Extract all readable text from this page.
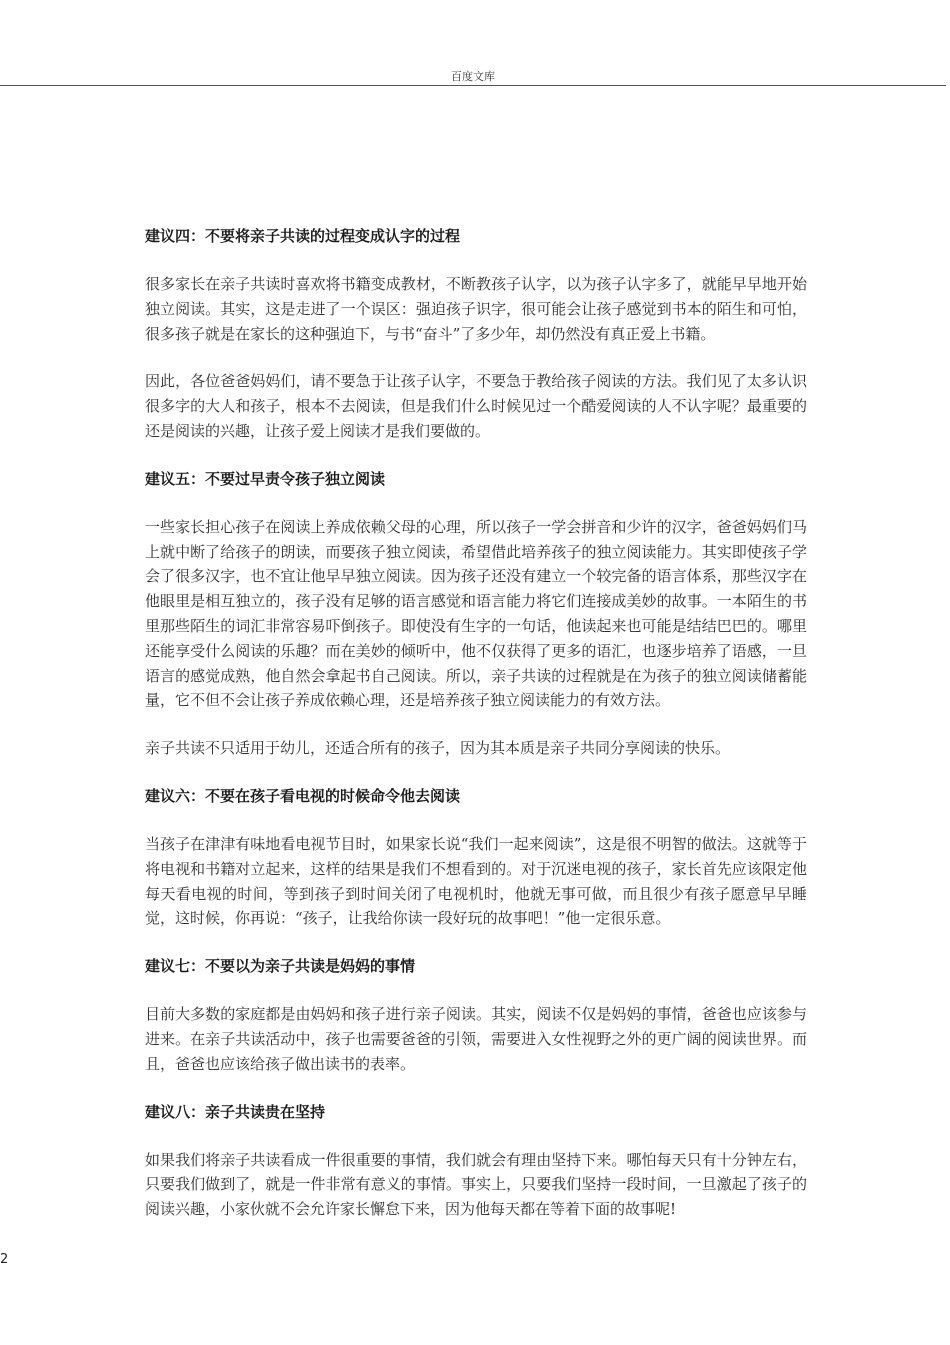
百度文库
建议四：不要将亲子共读的过程变成认字的过程
很多家长在亲子共读时喜欢将书籍变成教材，不断教孩子认字，以为孩子认字多了，就能早早地开始独立阅读。其实，这是走进了一个误区：强迫孩子识字，很可能会让孩子感觉到书本的陌生和可怕，很多孩子就是在家长的这种强迫下，与书“奋斗”了多少年，却仍然没有真正爱上书籍。
因此，各位爸爸妈妈们，请不要急于让孩子认字，不要急于教给孩子阅读的方法。我们见了太多认识很多字的大人和孩子，根本不去阅读，但是我们什么时候见过一个酷爱阅读的人不认字呢？最重要的还是阅读的兴趣，让孩子爱上阅读才是我们要做的。
建议五：不要过早责令孩子独立阅读
一些家长担心孩子在阅读上养成依赖父母的心理，所以孩子一学会拼音和少许的汉字，爸爸妈妈们马上就中断了给孩子的朗读，而要孩子独立阅读，希望借此培养孩子的独立阅读能力。其实即使孩子学会了很多汉字，也不宜让他早早独立阅读。因为孩子还没有建立一个较完备的语言体系，那些汉字在他眼里是相互独立的，孩子没有足够的语言感觉和语言能力将它们连接成美妙的故事。一本陌生的书里那些陌生的词汇非常容易吓倒孩子。即使没有生字的一句话，他读起来也可能是结结巴巴的。哪里还能享受什么阅读的乐趣？而在美妙的倾听中，他不仅获得了更多的语汇，也逐步培养了语感，一旦语言的感觉成熟，他自然会拿起书自己阅读。所以，亲子共读的过程就是在为孩子的独立阅读储蓄能量，它不但不会让孩子养成依赖心理，还是培养孩子独立阅读能力的有效方法。
亲子共读不只适用于幼儿，还适合所有的孩子，因为其本质是亲子共同分享阅读的快乐。
建议六：不要在孩子看电视的时候命令他去阅读
当孩子在津津有味地看电视节目时，如果家长说“我们一起来阅读”，这是很不明智的做法。这就等于将电视和书籍对立起来，这样的结果是我们不想看到的。对于沉迷电视的孩子，家长首先应该限定他每天看电视的时间，等到孩子到时间关闭了电视机时，他就无事可做，而且很少有孩子愿意早早睡觉，这时候，你再说：“孩子，让我给你读一段好玩的故事吧！”他一定很乐意。
建议七：不要以为亲子共读是妈妈的事情
目前大多数的家庭都是由妈妈和孩子进行亲子阅读。其实，阅读不仅是妈妈的事情，爸爸也应该参与进来。在亲子共读活动中，孩子也需要爸爸的引领，需要进入女性视野之外的更广阔的阅读世界。而且，爸爸也应该给孩子做出读书的表率。
建议八：亲子共读贵在坚持
如果我们将亲子共读看成一件很重要的事情，我们就会有理由坚持下来。哪怕每天只有十分钟左右，只要我们做到了，就是一件非常有意义的事情。事实上，只要我们坚持一段时间，一旦激起了孩子的阅读兴趣，小家伙就不会允许家长懈怠下来，因为他每天都在等着下面的故事呢!
2
